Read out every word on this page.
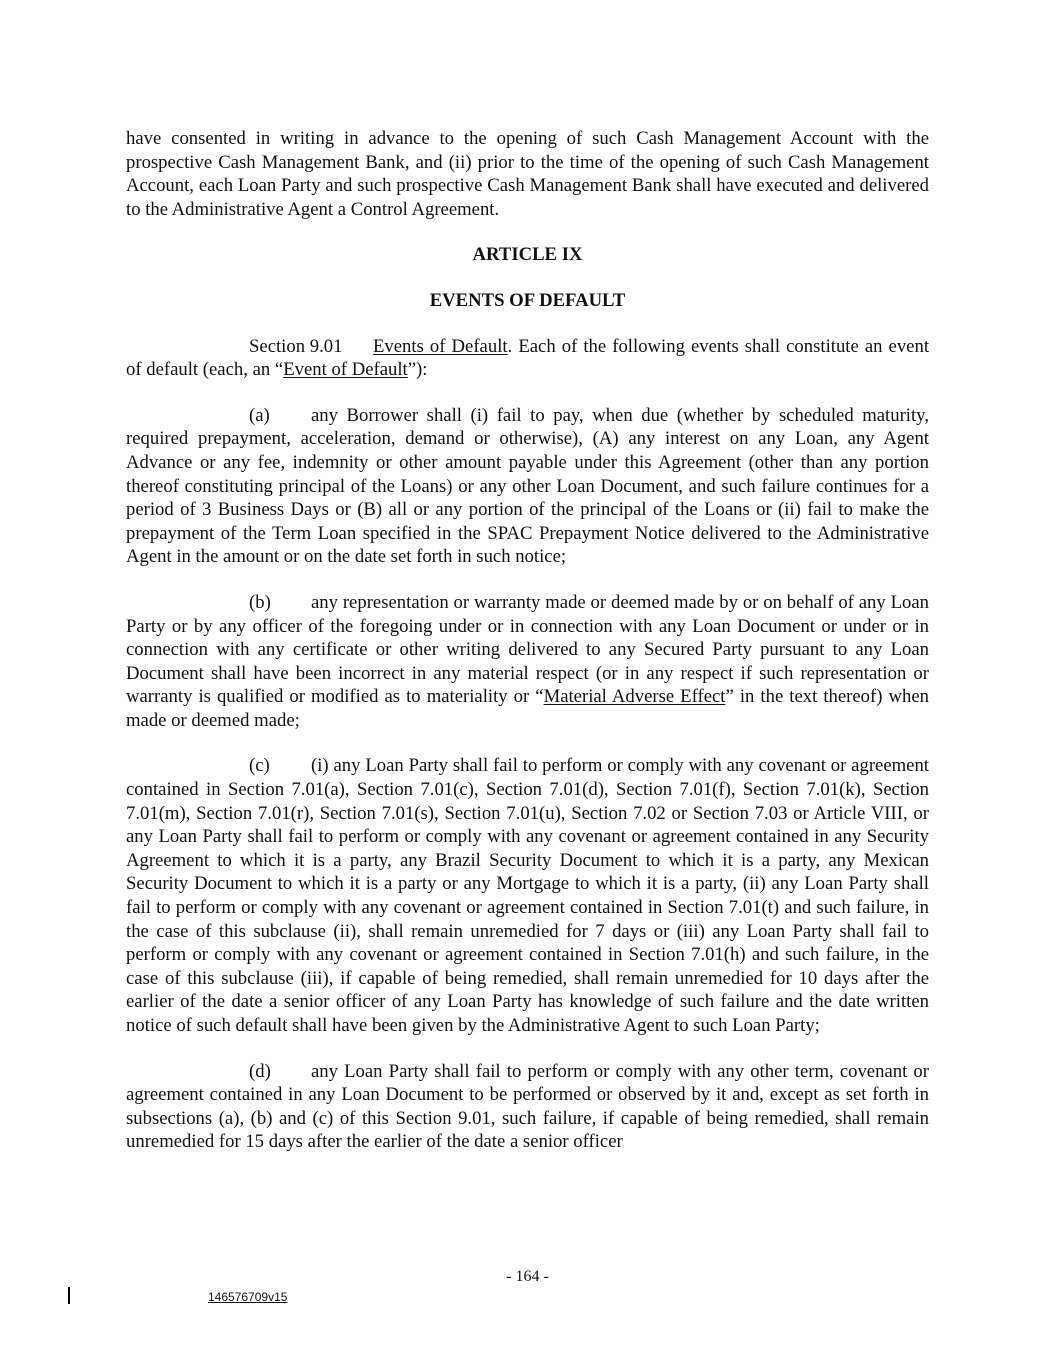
have consented in writing in advance to the opening of such Cash Management Account with the prospective Cash Management Bank, and (ii) prior to the time of the opening of such Cash Management Account, each Loan Party and such prospective Cash Management Bank shall have executed and delivered to the Administrative Agent a Control Agreement.

ARTICLE IX

EVENTS OF DEFAULT

Section 9.01 Events of Default. Each of the following events shall constitute an event of default (each, an “Event of Default”):

(a) any Borrower shall (i) fail to pay, when due (whether by scheduled maturity, required prepayment, acceleration, demand or otherwise), (A) any interest on any Loan, any Agent Advance or any fee, indemnity or other amount payable under this Agreement (other than any portion thereof constituting principal of the Loans) or any other Loan Document, and such failure continues for a period of 3 Business Days or (B) all or any portion of the principal of the Loans or (ii) fail to make the prepayment of the Term Loan specified in the SPAC Prepayment Notice delivered to the Administrative Agent in the amount or on the date set forth in such notice;

(b) any representation or warranty made or deemed made by or on behalf of any Loan Party or by any officer of the foregoing under or in connection with any Loan Document or under or in connection with any certificate or other writing delivered to any Secured Party pursuant to any Loan Document shall have been incorrect in any material respect (or in any respect if such representation or warranty is qualified or modified as to materiality or “Material Adverse Effect” in the text thereof) when made or deemed made;

(c) (i) any Loan Party shall fail to perform or comply with any covenant or agreement contained in Section 7.01(a), Section 7.01(c), Section 7.01(d), Section 7.01(f), Section 7.01(k), Section 7.01(m), Section 7.01(r), Section 7.01(s), Section 7.01(u), Section 7.02 or Section 7.03 or Article VIII, or any Loan Party shall fail to perform or comply with any covenant or agreement contained in any Security Agreement to which it is a party, any Brazil Security Document to which it is a party, any Mexican Security Document to which it is a party or any Mortgage to which it is a party, (ii) any Loan Party shall fail to perform or comply with any covenant or agreement contained in Section 7.01(t) and such failure, in the case of this subclause (ii), shall remain unremedied for 7 days or (iii) any Loan Party shall fail to perform or comply with any covenant or agreement contained in Section 7.01(h) and such failure, in the case of this subclause (iii), if capable of being remedied, shall remain unremedied for 10 days after the earlier of the date a senior officer of any Loan Party has knowledge of such failure and the date written notice of such default shall have been given by the Administrative Agent to such Loan Party;

(d) any Loan Party shall fail to perform or comply with any other term, covenant or agreement contained in any Loan Document to be performed or observed by it and, except as set forth in subsections (a), (b) and (c) of this Section 9.01, such failure, if capable of being remedied, shall remain unremedied for 15 days after the earlier of the date a senior officer

- 164 -
146576709v15
